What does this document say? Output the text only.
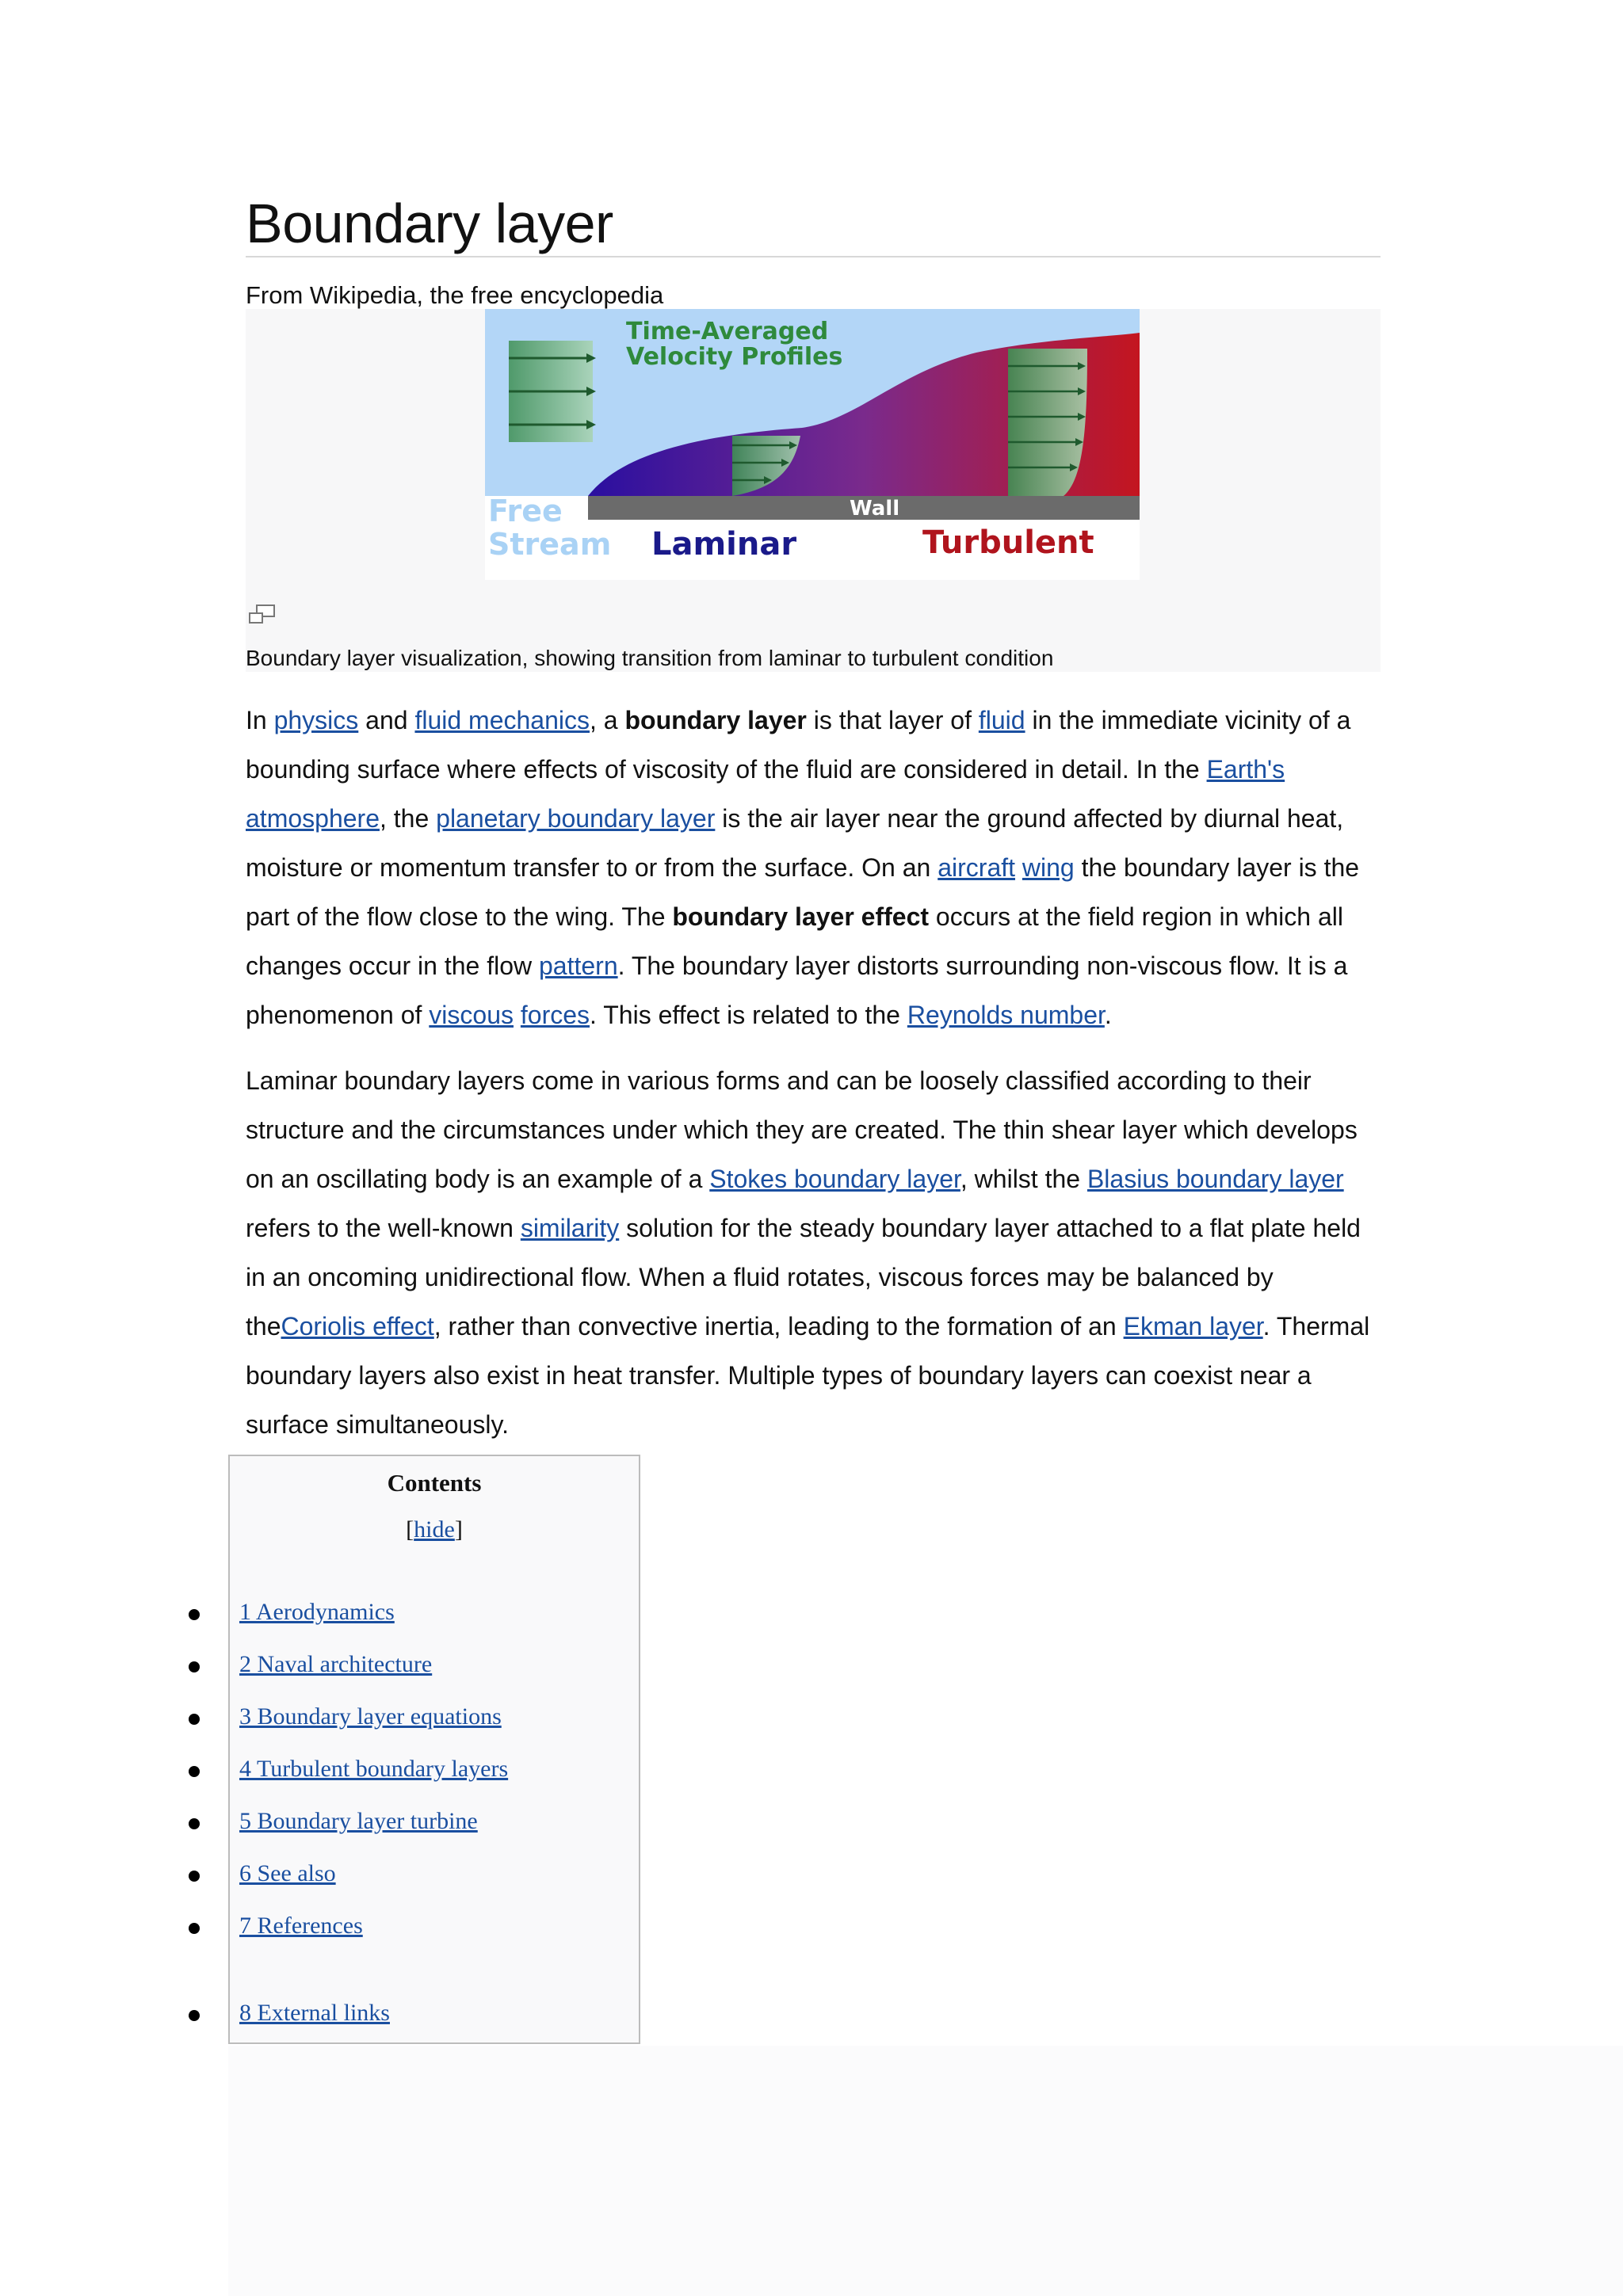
Boundary layer
From Wikipedia, the free encyclopedia
Wall
Time-Averaged
Velocity Profiles
Free
Stream Laminar	Turbulent
Boundary layer visualization, showing transition from laminar to turbulent condition

In physics and fluid mechanics, a boundary layer is that layer of fluid in the immediate vicinity of a bounding surface where effects of viscosity of the fluid are considered in detail. In the Earth's atmosphere, the planetary boundary layer is the air layer near the ground affected by diurnal heat, moisture or momentum transfer to or from the surface. On an aircraft wing the boundary layer is the part of the flow close to the wing. The boundary layer effect occurs at the field region in which all changes occur in the flow pattern. The boundary layer distorts surrounding non-viscous flow. It is a phenomenon of viscous forces. This effect is related to the Reynolds number.

Laminar boundary layers come in various forms and can be loosely classified according to their structure and the circumstances under which they are created. The thin shear layer which develops on an oscillating body is an example of a Stokes boundary layer, whilst the Blasius boundary layer refers to the well-known similarity solution for the steady boundary layer attached to a flat plate held in an oncoming unidirectional flow. When a fluid rotates, viscous forces may be balanced by theCoriolis effect, rather than convective inertia, leading to the formation of an Ekman layer. Thermal boundary layers also exist in heat transfer. Multiple types of boundary layers can coexist near a surface simultaneously.

Contents
[hide]
1 Aerodynamics
2 Naval architecture
3 Boundary layer equations
4 Turbulent boundary layers
5 Boundary layer turbine
6 See also
7 References
8 External links
